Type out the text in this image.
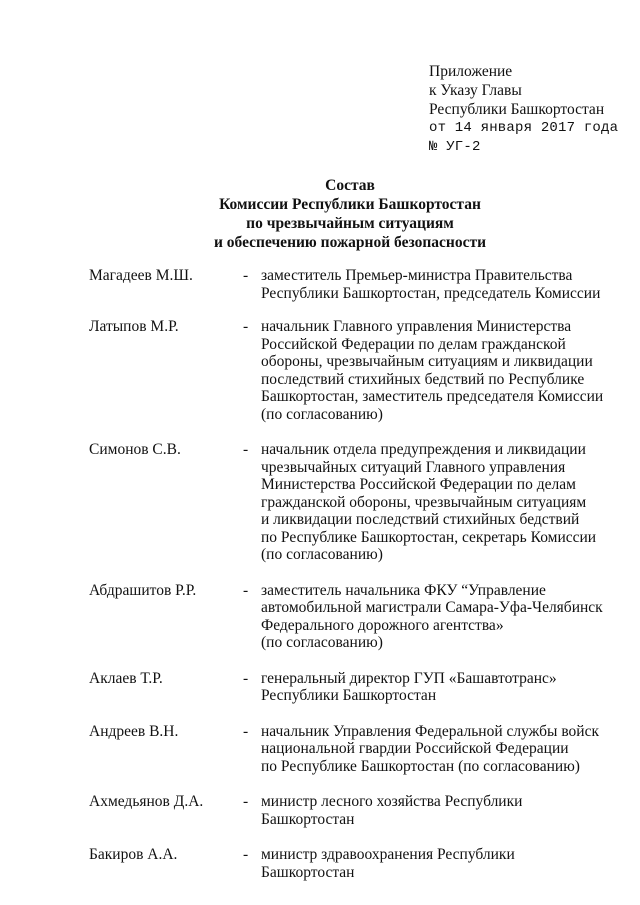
Приложение
к Указу Главы
Республики Башкортостан
от 14 января 2017 года
№ УГ-2
Состав
Комиссии Республики Башкортостан
по чрезвычайным ситуациям
и обеспечению пожарной безопасности
Магадеев М.Ш.	- заместитель Премьер-министра Правительства
Республики Башкортостан, председатель Комиссии
Латыпов М.Р.	- начальник Главного управления Министерства
Российской Федерации по делам гражданской
обороны, чрезвычайным ситуациям и ликвидации
последствий стихийных бедствий по Республике
Башкортостан, заместитель председателя Комиссии
(по согласованию)
Симонов С.В.	- начальник отдела предупреждения и ликвидации
чрезвычайных ситуаций Главного управления
Министерства Российской Федерации по делам
гражданской обороны, чрезвычайным ситуациям
и ликвидации последствий стихийных бедствий
по Республике Башкортостан, секретарь Комиссии
(по согласованию)
Абдрашитов Р.Р.	- заместитель начальника ФКУ “Управление
автомобильной магистрали Самара-Уфа-Челябинск
Федерального дорожного агентства»
(по согласованию)
Аклаев Т.Р.	- генеральный директор ГУП «Башавтотранс»
Республики Башкортостан
Андреев В.Н.	- начальник Управления Федеральной службы войск
национальной гвардии Российской Федерации
по Республике Башкортостан (по согласованию)
Ахмедьянов Д.А.	- министр лесного хозяйства Республики
Башкортостан
Бакиров А.А.	- министр здравоохранения Республики
Башкортостан
